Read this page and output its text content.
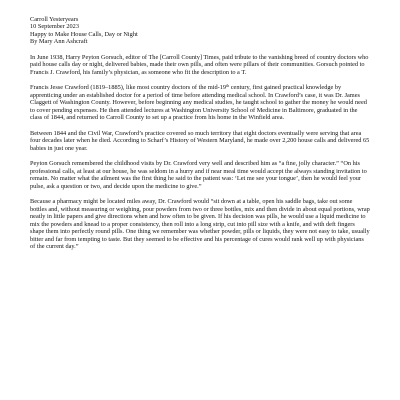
Carroll Yesteryears

10 September 2023

Happy to Make House Calls, Day or Night

By Mary Ann Ashcraft

In June 1938, Harry Peyton Gorsuch, editor of The [Carroll County] Times, paid tribute to the vanishing breed of country doctors who paid house calls day or night, delivered babies, made their own pills, and often were pillars of their communities. Gorsuch pointed to Francis J. Crawford, his family’s physician, as someone who fit the description to a T.

Francis Jesse Crawford (1819–1885), like most country doctors of the mid-19th century, first gained practical knowledge by apprenticing under an established doctor for a period of time before attending medical school. In Crawford’s case, it was Dr. James Claggett of Washington County. However, before beginning any medical studies, he taught school to gather the money he would need to cover pending expenses. He then attended lectures at Washington University School of Medicine in Baltimore, graduated in the class of 1844, and returned to Carroll County to set up a practice from his home in the Winfield area.

Between 1844 and the Civil War, Crawford’s practice covered so much territory that eight doctors eventually were serving that area four decades later when he died. According to Scharf’s History of Western Maryland, he made over 2,200 house calls and delivered 65 babies in just one year.

Peyton Gorsuch remembered the childhood visits by Dr. Crawford very well and described him as “a fine, jolly character.” “On his professional calls, at least at our house, he was seldom in a hurry and if near meal time would accept the always standing invitation to remain. No matter what the ailment was the first thing he said to the patient was: ‘Let me see your tongue’, then he would feel your pulse, ask a question or two, and decide upon the medicine to give.”

Because a pharmacy might be located miles away, Dr. Crawford would “sit down at a table, open his saddle bags, take out some bottles and, without measuring or weighing, pour powders from two or three bottles, mix and then divide in about equal portions, wrap neatly in little papers and give directions when and how often to be given. If his decision was pills, he would use a liquid medicine to mix the powders and knead to a proper consistency, then roll into a long strip, cut into pill size with a knife, and with deft fingers shape them into perfectly round pills. One thing we remember was whether powder, pills or liquids, they were not easy to take, usually bitter and far from tempting to taste. But they seemed to be effective and his percentage of cures would rank well up with physicians of the current day.”
